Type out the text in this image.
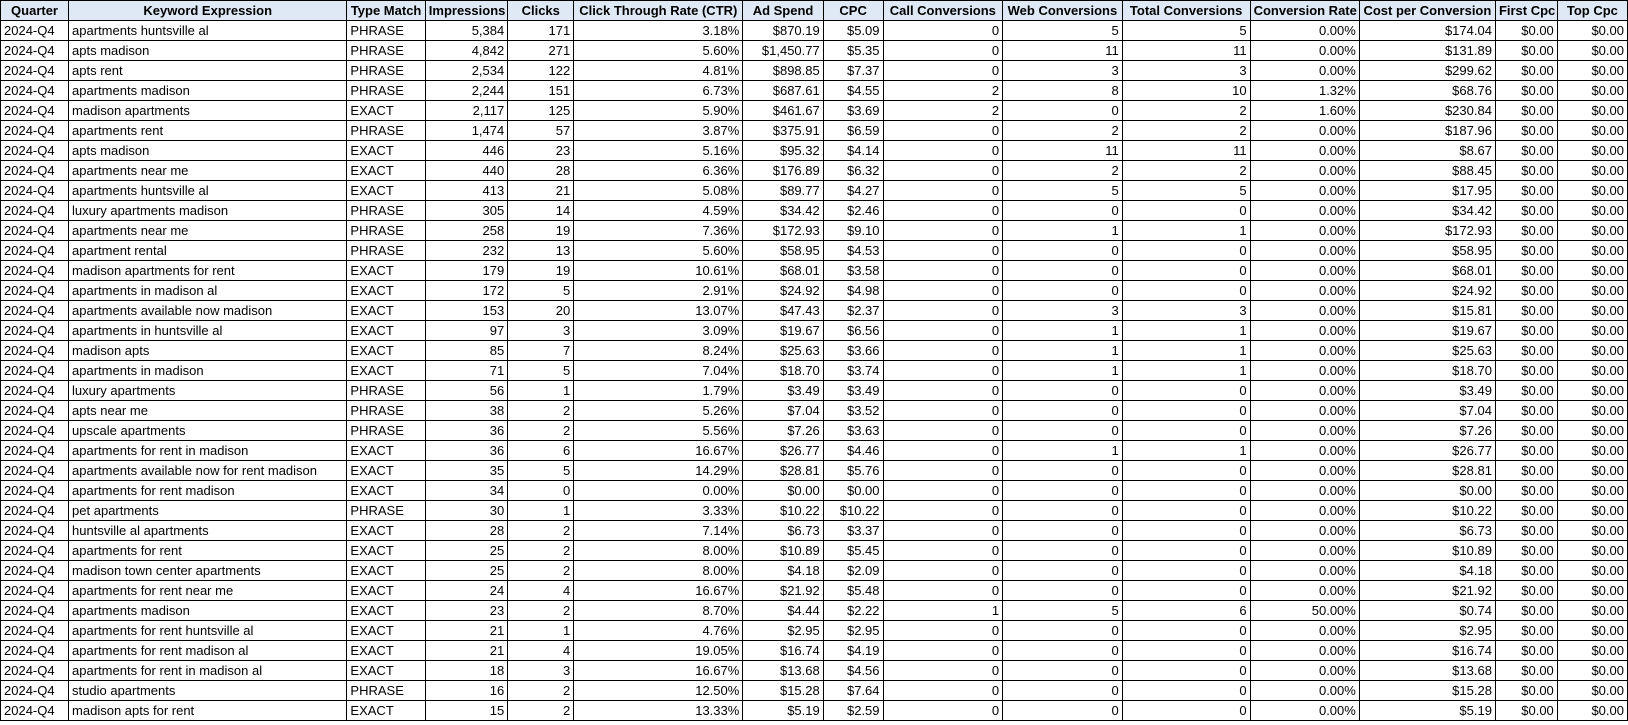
Quarter	Keyword Expression	Type Match	Impressions	Clicks	Click Through Rate (CTR)	Ad Spend	CPC	Call Conversions	Web Conversions	Total Conversions	Conversion Rate	Cost per Conversion	First Cpc	Top Cpc
2024-Q4	apartments huntsville al	PHRASE	5,384	171	3.18%	$870.19	$5.09	0	5	5	0.00%	$174.04	$0.00	$0.00
2024-Q4	apts madison	PHRASE	4,842	271	5.60%	$1,450.77	$5.35	0	11	11	0.00%	$131.89	$0.00	$0.00
2024-Q4	apts rent	PHRASE	2,534	122	4.81%	$898.85	$7.37	0	3	3	0.00%	$299.62	$0.00	$0.00
2024-Q4	apartments madison	PHRASE	2,244	151	6.73%	$687.61	$4.55	2	8	10	1.32%	$68.76	$0.00	$0.00
2024-Q4	madison apartments	EXACT	2,117	125	5.90%	$461.67	$3.69	2	0	2	1.60%	$230.84	$0.00	$0.00
2024-Q4	apartments rent	PHRASE	1,474	57	3.87%	$375.91	$6.59	0	2	2	0.00%	$187.96	$0.00	$0.00
2024-Q4	apts madison	EXACT	446	23	5.16%	$95.32	$4.14	0	11	11	0.00%	$8.67	$0.00	$0.00
2024-Q4	apartments near me	EXACT	440	28	6.36%	$176.89	$6.32	0	2	2	0.00%	$88.45	$0.00	$0.00
2024-Q4	apartments huntsville al	EXACT	413	21	5.08%	$89.77	$4.27	0	5	5	0.00%	$17.95	$0.00	$0.00
2024-Q4	luxury apartments madison	PHRASE	305	14	4.59%	$34.42	$2.46	0	0	0	0.00%	$34.42	$0.00	$0.00
2024-Q4	apartments near me	PHRASE	258	19	7.36%	$172.93	$9.10	0	1	1	0.00%	$172.93	$0.00	$0.00
2024-Q4	apartment rental	PHRASE	232	13	5.60%	$58.95	$4.53	0	0	0	0.00%	$58.95	$0.00	$0.00
2024-Q4	madison apartments for rent	EXACT	179	19	10.61%	$68.01	$3.58	0	0	0	0.00%	$68.01	$0.00	$0.00
2024-Q4	apartments in madison al	EXACT	172	5	2.91%	$24.92	$4.98	0	0	0	0.00%	$24.92	$0.00	$0.00
2024-Q4	apartments available now madison	EXACT	153	20	13.07%	$47.43	$2.37	0	3	3	0.00%	$15.81	$0.00	$0.00
2024-Q4	apartments in huntsville al	EXACT	97	3	3.09%	$19.67	$6.56	0	1	1	0.00%	$19.67	$0.00	$0.00
2024-Q4	madison apts	EXACT	85	7	8.24%	$25.63	$3.66	0	1	1	0.00%	$25.63	$0.00	$0.00
2024-Q4	apartments in madison	EXACT	71	5	7.04%	$18.70	$3.74	0	1	1	0.00%	$18.70	$0.00	$0.00
2024-Q4	luxury apartments	PHRASE	56	1	1.79%	$3.49	$3.49	0	0	0	0.00%	$3.49	$0.00	$0.00
2024-Q4	apts near me	PHRASE	38	2	5.26%	$7.04	$3.52	0	0	0	0.00%	$7.04	$0.00	$0.00
2024-Q4	upscale apartments	PHRASE	36	2	5.56%	$7.26	$3.63	0	0	0	0.00%	$7.26	$0.00	$0.00
2024-Q4	apartments for rent in madison	EXACT	36	6	16.67%	$26.77	$4.46	0	1	1	0.00%	$26.77	$0.00	$0.00
2024-Q4	apartments available now for rent madison	EXACT	35	5	14.29%	$28.81	$5.76	0	0	0	0.00%	$28.81	$0.00	$0.00
2024-Q4	apartments for rent madison	EXACT	34	0	0.00%	$0.00	$0.00	0	0	0	0.00%	$0.00	$0.00	$0.00
2024-Q4	pet apartments	PHRASE	30	1	3.33%	$10.22	$10.22	0	0	0	0.00%	$10.22	$0.00	$0.00
2024-Q4	huntsville al apartments	EXACT	28	2	7.14%	$6.73	$3.37	0	0	0	0.00%	$6.73	$0.00	$0.00
2024-Q4	apartments for rent	EXACT	25	2	8.00%	$10.89	$5.45	0	0	0	0.00%	$10.89	$0.00	$0.00
2024-Q4	madison town center apartments	EXACT	25	2	8.00%	$4.18	$2.09	0	0	0	0.00%	$4.18	$0.00	$0.00
2024-Q4	apartments for rent near me	EXACT	24	4	16.67%	$21.92	$5.48	0	0	0	0.00%	$21.92	$0.00	$0.00
2024-Q4	apartments madison	EXACT	23	2	8.70%	$4.44	$2.22	1	5	6	50.00%	$0.74	$0.00	$0.00
2024-Q4	apartments for rent huntsville al	EXACT	21	1	4.76%	$2.95	$2.95	0	0	0	0.00%	$2.95	$0.00	$0.00
2024-Q4	apartments for rent madison al	EXACT	21	4	19.05%	$16.74	$4.19	0	0	0	0.00%	$16.74	$0.00	$0.00
2024-Q4	apartments for rent in madison al	EXACT	18	3	16.67%	$13.68	$4.56	0	0	0	0.00%	$13.68	$0.00	$0.00
2024-Q4	studio apartments	PHRASE	16	2	12.50%	$15.28	$7.64	0	0	0	0.00%	$15.28	$0.00	$0.00
2024-Q4	madison apts for rent	EXACT	15	2	13.33%	$5.19	$2.59	0	0	0	0.00%	$5.19	$0.00	$0.00
